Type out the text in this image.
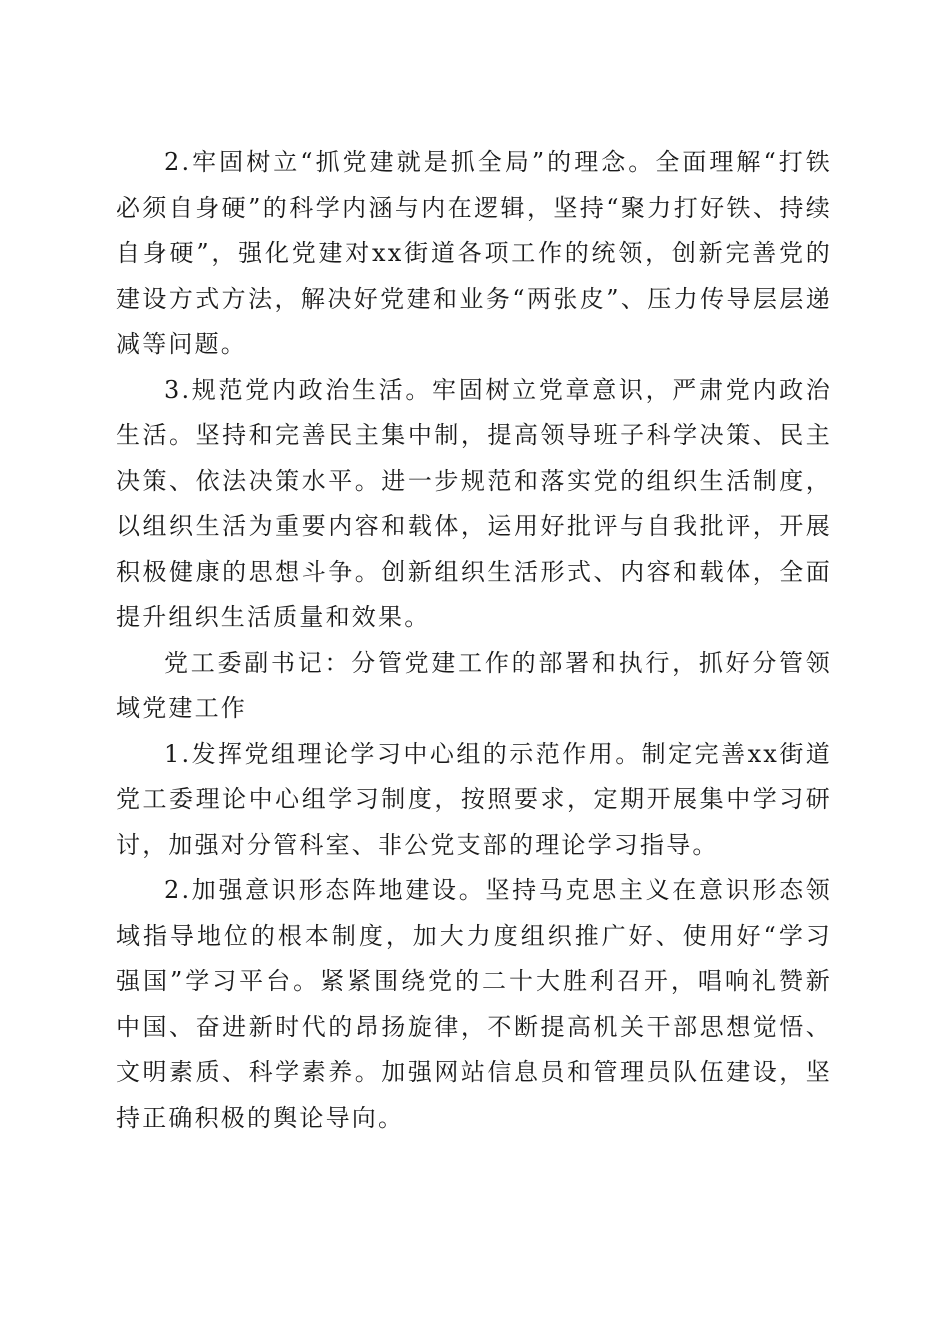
2.牢固树立“抓党建就是抓全局”的理念。全面理解“打铁必须自身硬”的科学内涵与内在逻辑，坚持“聚力打好铁、持续自身硬”，强化党建对xx街道各项工作的统领，创新完善党的建设方式方法，解决好党建和业务“两张皮”、压力传导层层递减等问题。

3.规范党内政治生活。牢固树立党章意识，严肃党内政治生活。坚持和完善民主集中制，提高领导班子科学决策、民主决策、依法决策水平。进一步规范和落实党的组织生活制度，以组织生活为重要内容和载体，运用好批评与自我批评，开展积极健康的思想斗争。创新组织生活形式、内容和载体，全面提升组织生活质量和效果。

党工委副书记：分管党建工作的部署和执行，抓好分管领域党建工作

1.发挥党组理论学习中心组的示范作用。制定完善xx街道党工委理论中心组学习制度，按照要求，定期开展集中学习研讨，加强对分管科室、非公党支部的理论学习指导。

2.加强意识形态阵地建设。坚持马克思主义在意识形态领域指导地位的根本制度，加大力度组织推广好、使用好“学习强国”学习平台。紧紧围绕党的二十大胜利召开，唱响礼赞新中国、奋进新时代的昂扬旋律，不断提高机关干部思想觉悟、文明素质、科学素养。加强网站信息员和管理员队伍建设，坚持正确积极的舆论导向。
